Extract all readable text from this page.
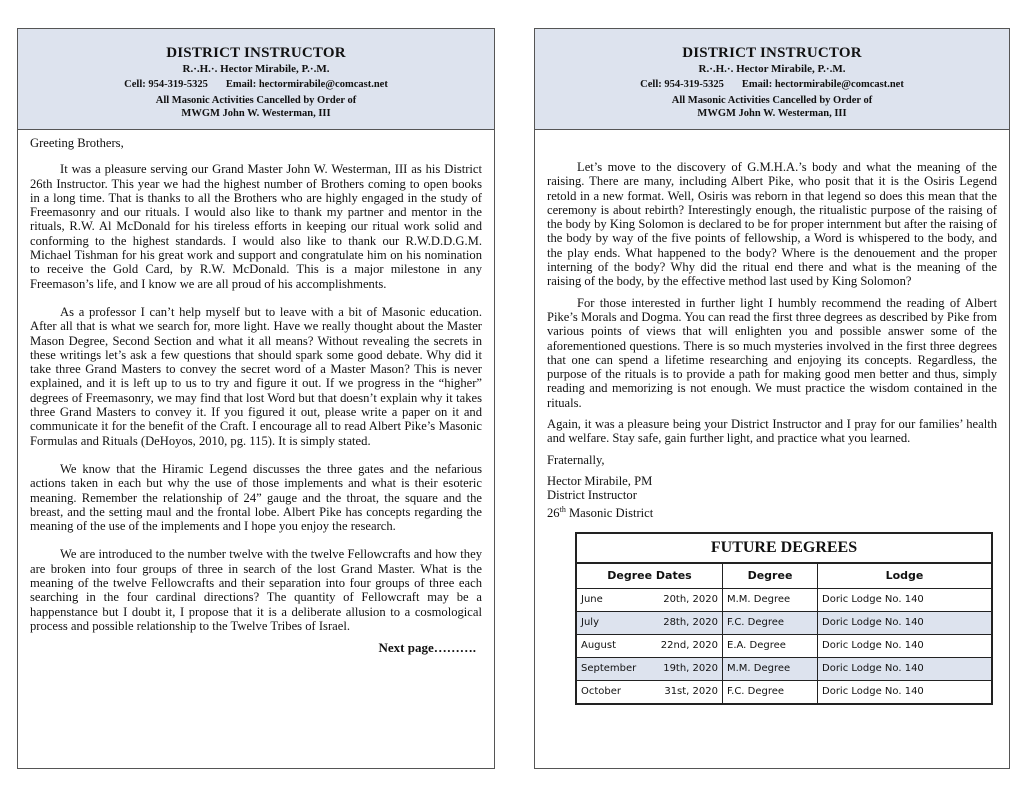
DISTRICT INSTRUCTOR
R.·.H.·. Hector Mirabile, P.·.M.
Cell: 954-319-5325 Email: hectormirabile@comcast.net
All Masonic Activities Cancelled by Order of
MWGM John W. Westerman, III

Greeting Brothers,

It was a pleasure serving our Grand Master John W. Westerman, III as his District 26th Instructor. This year we had the highest number of Brothers coming to open books in a long time. That is thanks to all the Brothers who are highly engaged in the study of Freemasonry and our rituals. I would also like to thank my partner and mentor in the rituals, R.W. Al McDonald for his tireless efforts in keeping our ritual work solid and conforming to the highest standards. I would also like to thank our R.W.D.D.G.M. Michael Tishman for his great work and support and congratulate him on his nomination to receive the Gold Card, by R.W. McDonald. This is a major milestone in any Freemason’s life, and I know we are all proud of his accomplishments.

As a professor I can’t help myself but to leave with a bit of Masonic education. After all that is what we search for, more light. Have we really thought about the Master Mason Degree, Second Section and what it all means? Without revealing the secrets in these writings let’s ask a few questions that should spark some good debate. Why did it take three Grand Masters to convey the secret word of a Master Mason? This is never explained, and it is left up to us to try and figure it out. If we progress in the “higher” degrees of Freemasonry, we may find that lost Word but that doesn’t explain why it takes three Grand Masters to convey it. If you figured it out, please write a paper on it and communicate it for the benefit of the Craft. I encourage all to read Albert Pike’s Masonic Formulas and Rituals (DeHoyos, 2010, pg. 115). It is simply stated.

We know that the Hiramic Legend discusses the three gates and the nefarious actions taken in each but why the use of those implements and what is their esoteric meaning. Remember the relationship of 24” gauge and the throat, the square and the breast, and the setting maul and the frontal lobe. Albert Pike has concepts regarding the meaning of the use of the implements and I hope you enjoy the research.

We are introduced to the number twelve with the twelve Fellowcrafts and how they are broken into four groups of three in search of the lost Grand Master. What is the meaning of the twelve Fellowcrafts and their separation into four groups of three each searching in the four cardinal directions? The quantity of Fellowcraft may be a happenstance but I doubt it, I propose that it is a deliberate allusion to a cosmological process and possible relationship to the Twelve Tribes of Israel.

Next page……….
DISTRICT INSTRUCTOR
R.·.H.·. Hector Mirabile, P.·.M.
Cell: 954-319-5325 Email: hectormirabile@comcast.net
All Masonic Activities Cancelled by Order of
MWGM John W. Westerman, III

Let’s move to the discovery of G.M.H.A.’s body and what the meaning of the raising. There are many, including Albert Pike, who posit that it is the Osiris Legend retold in a new format. Well, Osiris was reborn in that legend so does this mean that the ceremony is about rebirth? Interestingly enough, the ritualistic purpose of the raising of the body by King Solomon is declared to be for proper internment but after the raising of the body by way of the five points of fellowship, a Word is whispered to the body, and the play ends. What happened to the body? Where is the denouement and the proper interning of the body? Why did the ritual end there and what is the meaning of the raising of the body, by the effective method last used by King Solomon?

For those interested in further light I humbly recommend the reading of Albert Pike’s Morals and Dogma. You can read the first three degrees as described by Pike from various points of views that will enlighten you and possible answer some of the aforementioned questions. There is so much mysteries involved in the first three degrees that one can spend a lifetime researching and enjoying its concepts. Regardless, the purpose of the rituals is to provide a path for making good men better and thus, simply reading and memorizing is not enough. We must practice the wisdom contained in the rituals.

Again, it was a pleasure being your District Instructor and I pray for our families’ health and welfare. Stay safe, gain further light, and practice what you learned.

Fraternally,

Hector Mirabile, PM
District Instructor
26th Masonic District
FUTURE DEGREES
Degree Dates	Degree	Lodge

June 20th, 2020	M.M. Degree	Doric Lodge No. 140

July 28th, 2020	F.C. Degree	Doric Lodge No. 140

August 22nd, 2020	E.A. Degree	Doric Lodge No. 140

September 19th, 2020	M.M. Degree	Doric Lodge No. 140

October 31st, 2020	F.C. Degree	Doric Lodge No. 140
